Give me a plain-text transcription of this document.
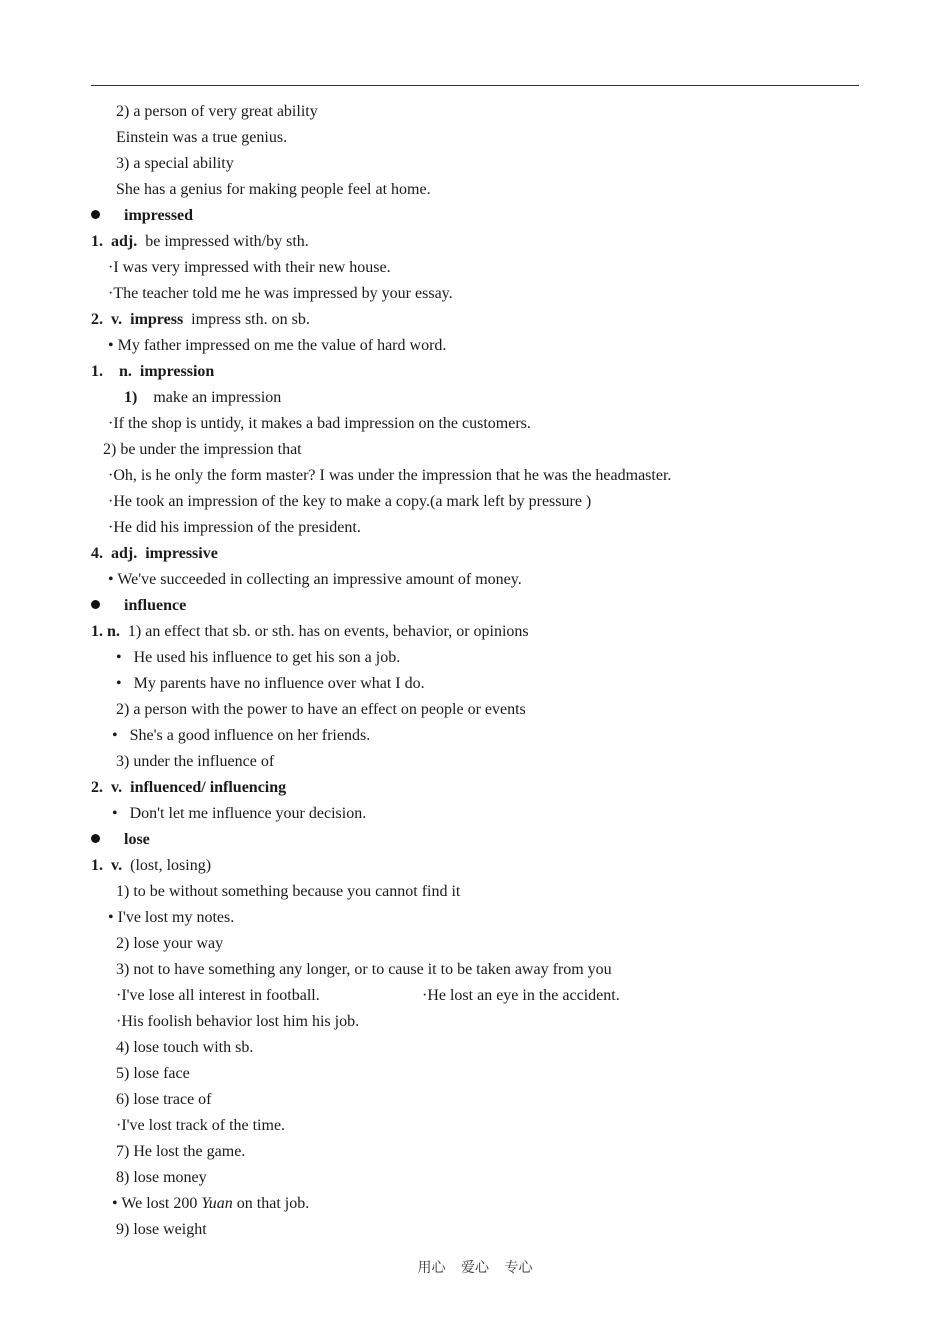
2) a person of very great ability
Einstein was a true genius.
3) a special ability
She has a genius for making people feel at home.
impressed
1. adj. be impressed with/by sth.
·I was very impressed with their new house.
·The teacher told me he was impressed by your essay.
2. v. impress impress sth. on sb.
• My father impressed on me the value of hard word.
1. n. impression
1) make an impression
·If the shop is untidy, it makes a bad impression on the customers.
2) be under the impression that
·Oh, is he only the form master? I was under the impression that he was the headmaster.
·He took an impression of the key to make a copy.(a mark left by pressure )
·He did his impression of the president.
4. adj. impressive
• We've succeeded in collecting an impressive amount of money.
influence
1. n. 1) an effect that sb. or sth. has on events, behavior, or opinions
• He used his influence to get his son a job.
• My parents have no influence over what I do.
2) a person with the power to have an effect on people or events
• She's a good influence on her friends.
3) under the influence of
2. v. influenced/ influencing
• Don't let me influence your decision.
lose
1. v. (lost, losing)
1) to be without something because you cannot find it
• I've lost my notes.
2) lose your way
3) not to have something any longer, or to cause it to be taken away from you
·I've lose all interest in football.	·He lost an eye in the accident.
·His foolish behavior lost him his job.
4) lose touch with sb.
5) lose face
6) lose trace of
·I've lost track of the time.
7) He lost the game.
8) lose money
• We lost 200 Yuan on that job.
9) lose weight
用心 爱心 专心
